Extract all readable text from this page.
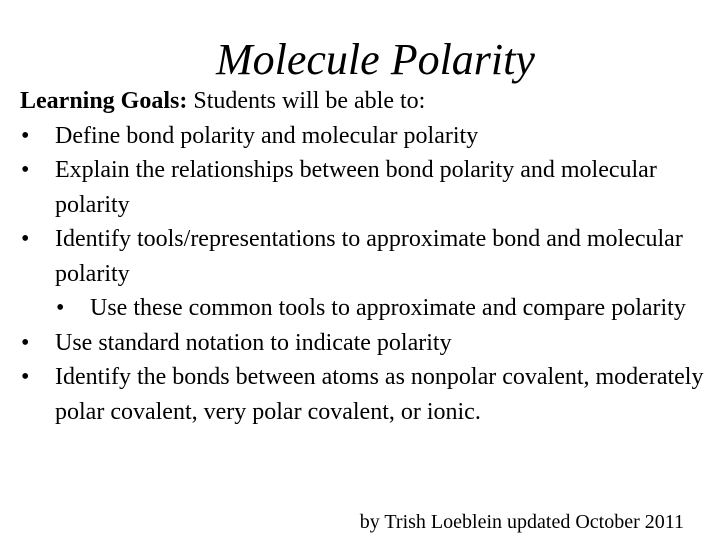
Molecule Polarity
Learning Goals: Students will be able to:
• Define bond polarity and molecular polarity
• Explain the relationships between bond polarity and molecular polarity
• Identify tools/representations to approximate bond and molecular polarity
• Use these common tools to approximate and compare polarity
• Use standard notation to indicate polarity
• Identify the bonds between atoms as nonpolar covalent, moderately polar covalent, very polar covalent, or ionic.
by Trish Loeblein updated October 2011
